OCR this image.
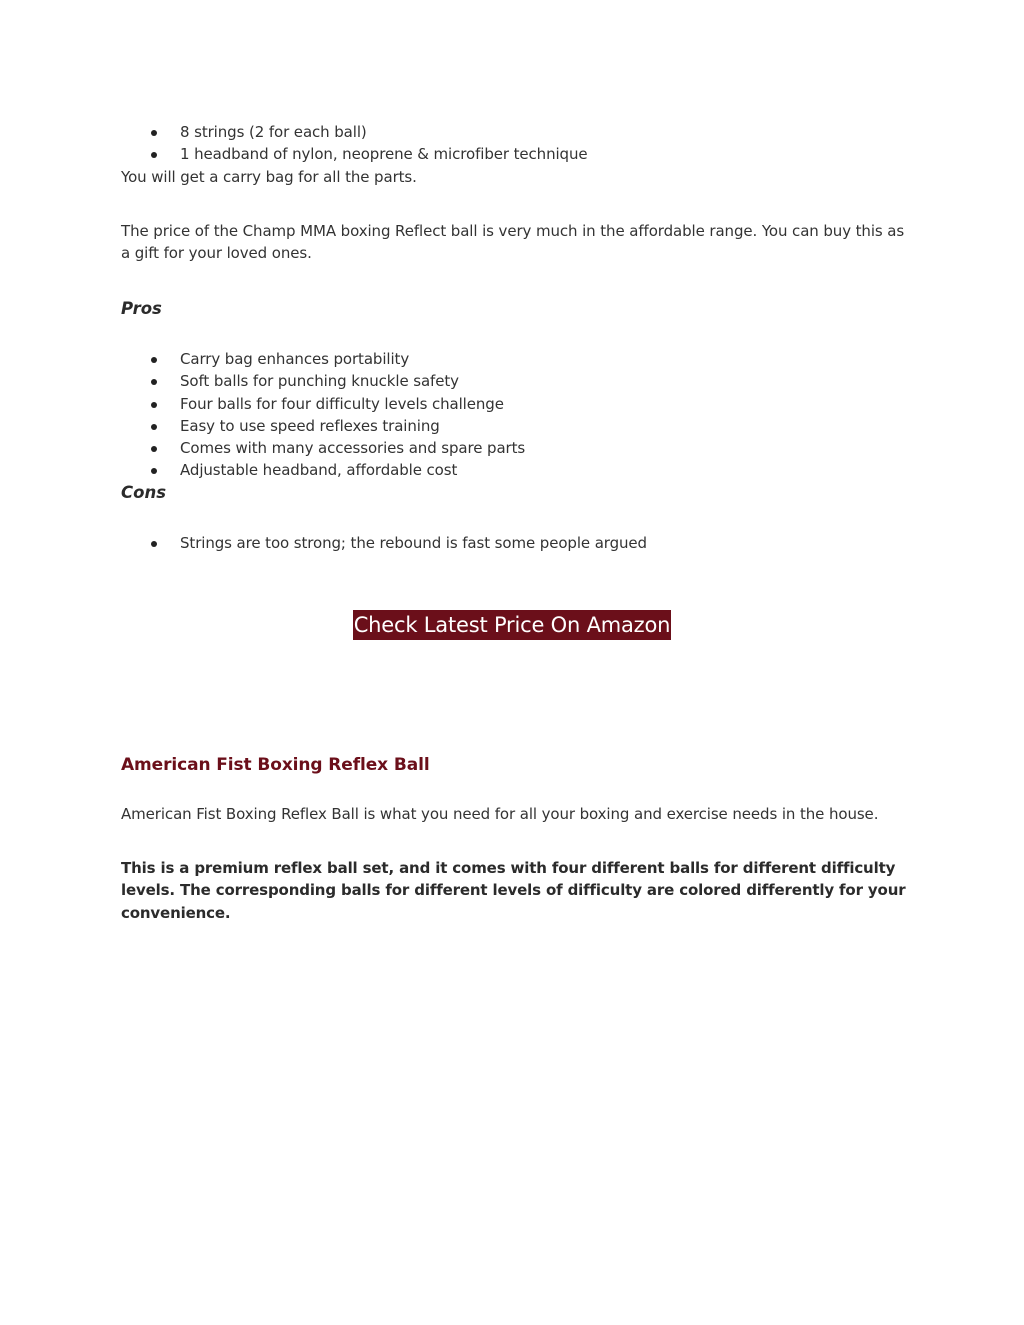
8 strings (2 for each ball)
1 headband of nylon, neoprene & microfiber technique

You will get a carry bag for all the parts.

The price of the Champ MMA boxing Reflect ball is very much in the affordable range. You can buy this as a gift for your loved ones.

Pros
Carry bag enhances portability
Soft balls for punching knuckle safety
Four balls for four difficulty levels challenge
Easy to use speed reflexes training
Comes with many accessories and spare parts
Adjustable headband, affordable cost
Cons
Strings are too strong; the rebound is fast some people argued
American Fist Boxing Reflex Ball

American Fist Boxing Reflex Ball is what you need for all your boxing and exercise needs in the house.

This is a premium reflex ball set, and it comes with four different balls for different difficulty levels. The corresponding balls for different levels of difficulty are colored differently for your convenience.

Check Latest Price On Amazon
